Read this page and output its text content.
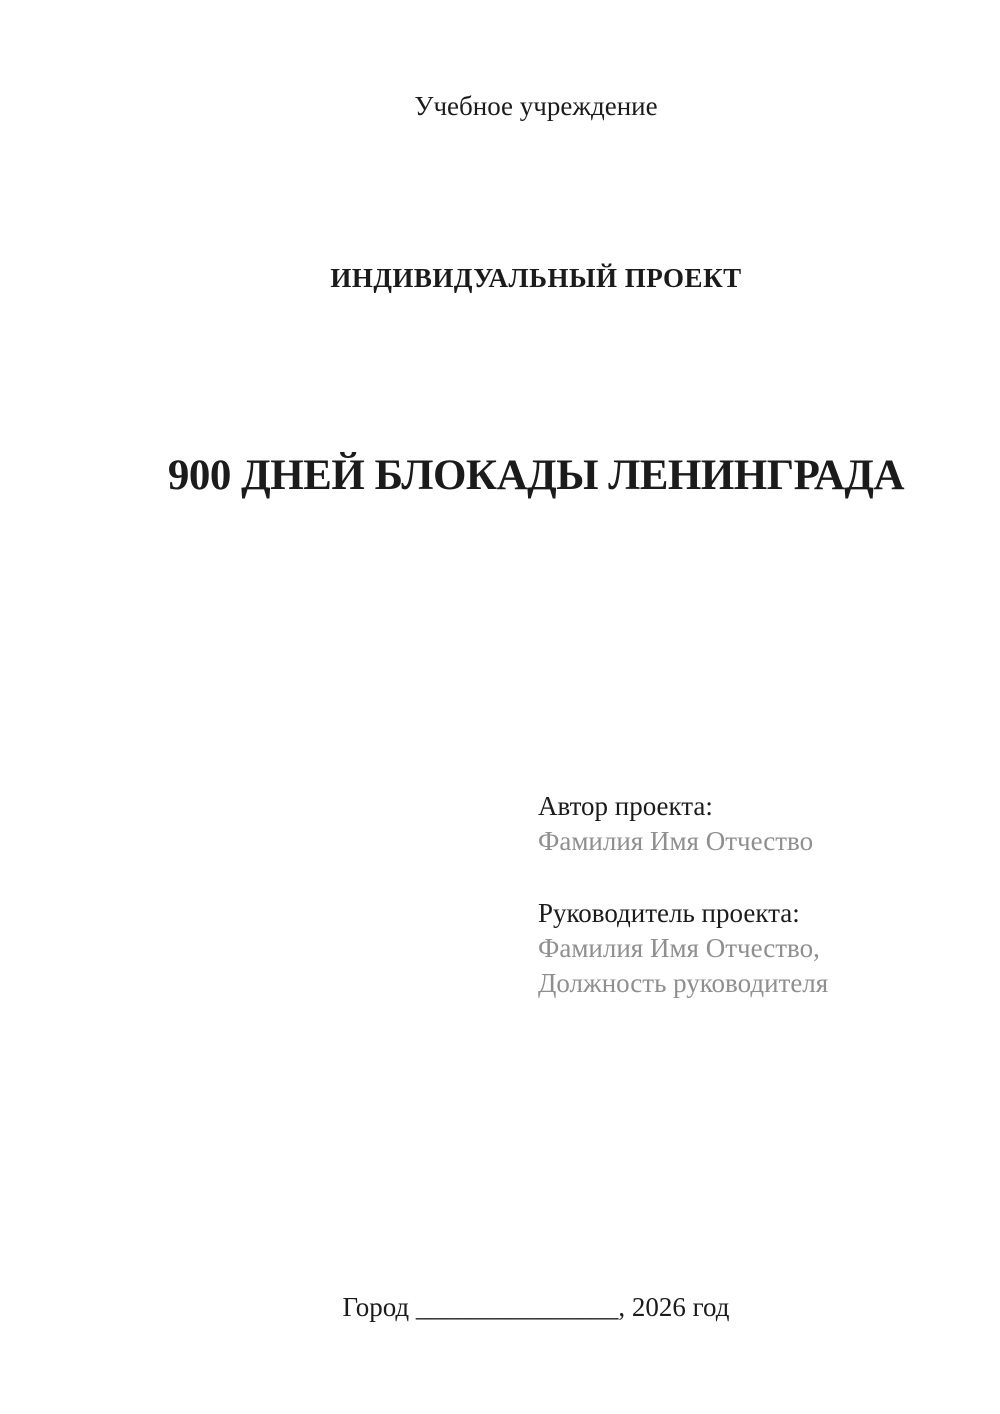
Учебное учреждение
ИНДИВИДУАЛЬНЫЙ ПРОЕКТ
900 ДНЕЙ БЛОКАДЫ ЛЕНИНГРАДА
Автор проекта:
Фамилия Имя Отчество
Руководитель проекта:
Фамилия Имя Отчество,
Должность руководителя
Город _______________, 2026 год
